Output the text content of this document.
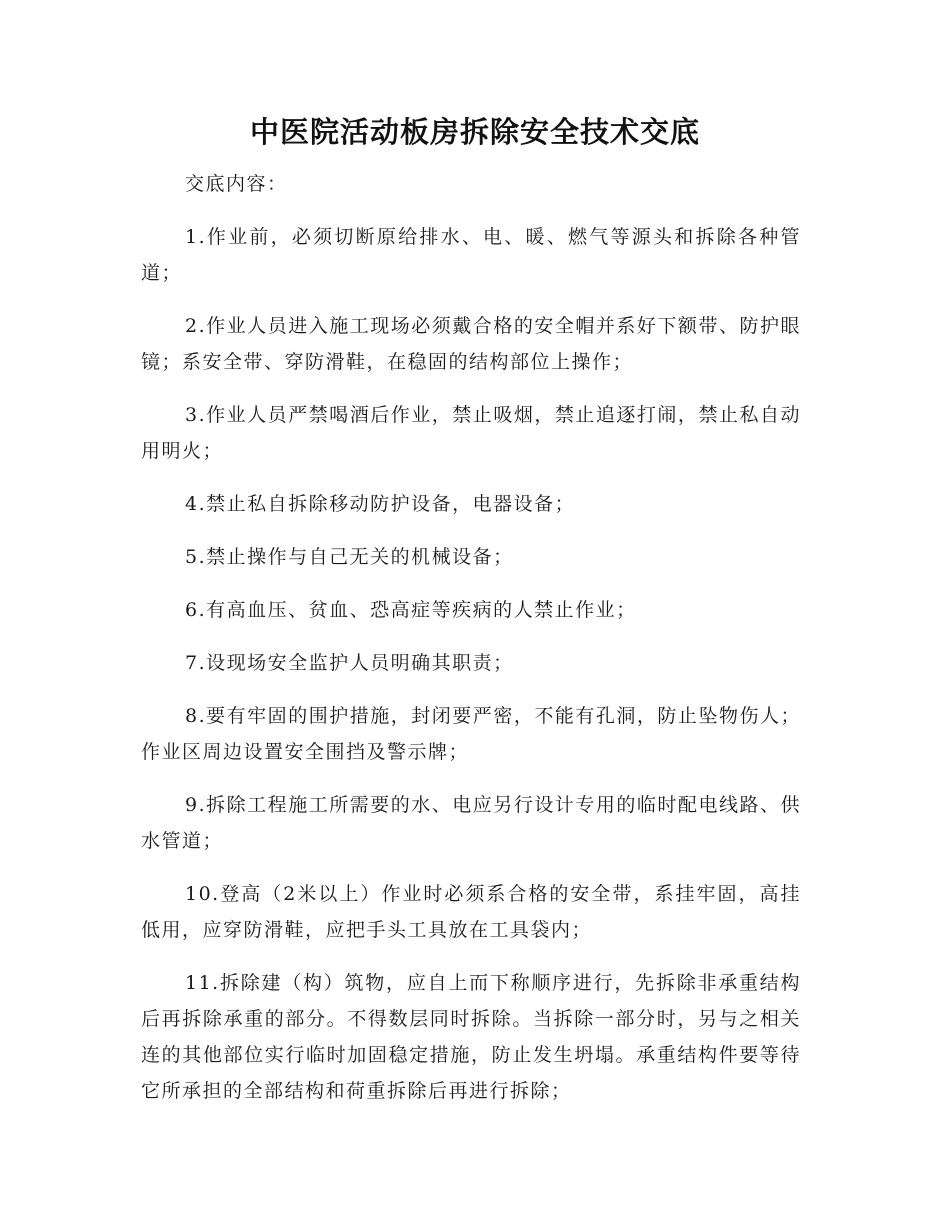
中医院活动板房拆除安全技术交底

交底内容：

1.作业前，必须切断原给排水、电、暖、燃气等源头和拆除各种管道；

2.作业人员进入施工现场必须戴合格的安全帽并系好下额带、防护眼镜；系安全带、穿防滑鞋，在稳固的结构部位上操作；

3.作业人员严禁喝酒后作业，禁止吸烟，禁止追逐打闹，禁止私自动用明火；

4.禁止私自拆除移动防护设备，电器设备；

5.禁止操作与自己无关的机械设备；

6.有高血压、贫血、恐高症等疾病的人禁止作业；

7.设现场安全监护人员明确其职责；

8.要有牢固的围护措施，封闭要严密，不能有孔洞，防止坠物伤人；作业区周边设置安全围挡及警示牌；

9.拆除工程施工所需要的水、电应另行设计专用的临时配电线路、供水管道；

10.登高（2米以上）作业时必须系合格的安全带，系挂牢固，高挂低用，应穿防滑鞋，应把手头工具放在工具袋内；

11.拆除建（构）筑物，应自上而下称顺序进行，先拆除非承重结构后再拆除承重的部分。不得数层同时拆除。当拆除一部分时，另与之相关连的其他部位实行临时加固稳定措施，防止发生坍塌。承重结构件要等待它所承担的全部结构和荷重拆除后再进行拆除；
